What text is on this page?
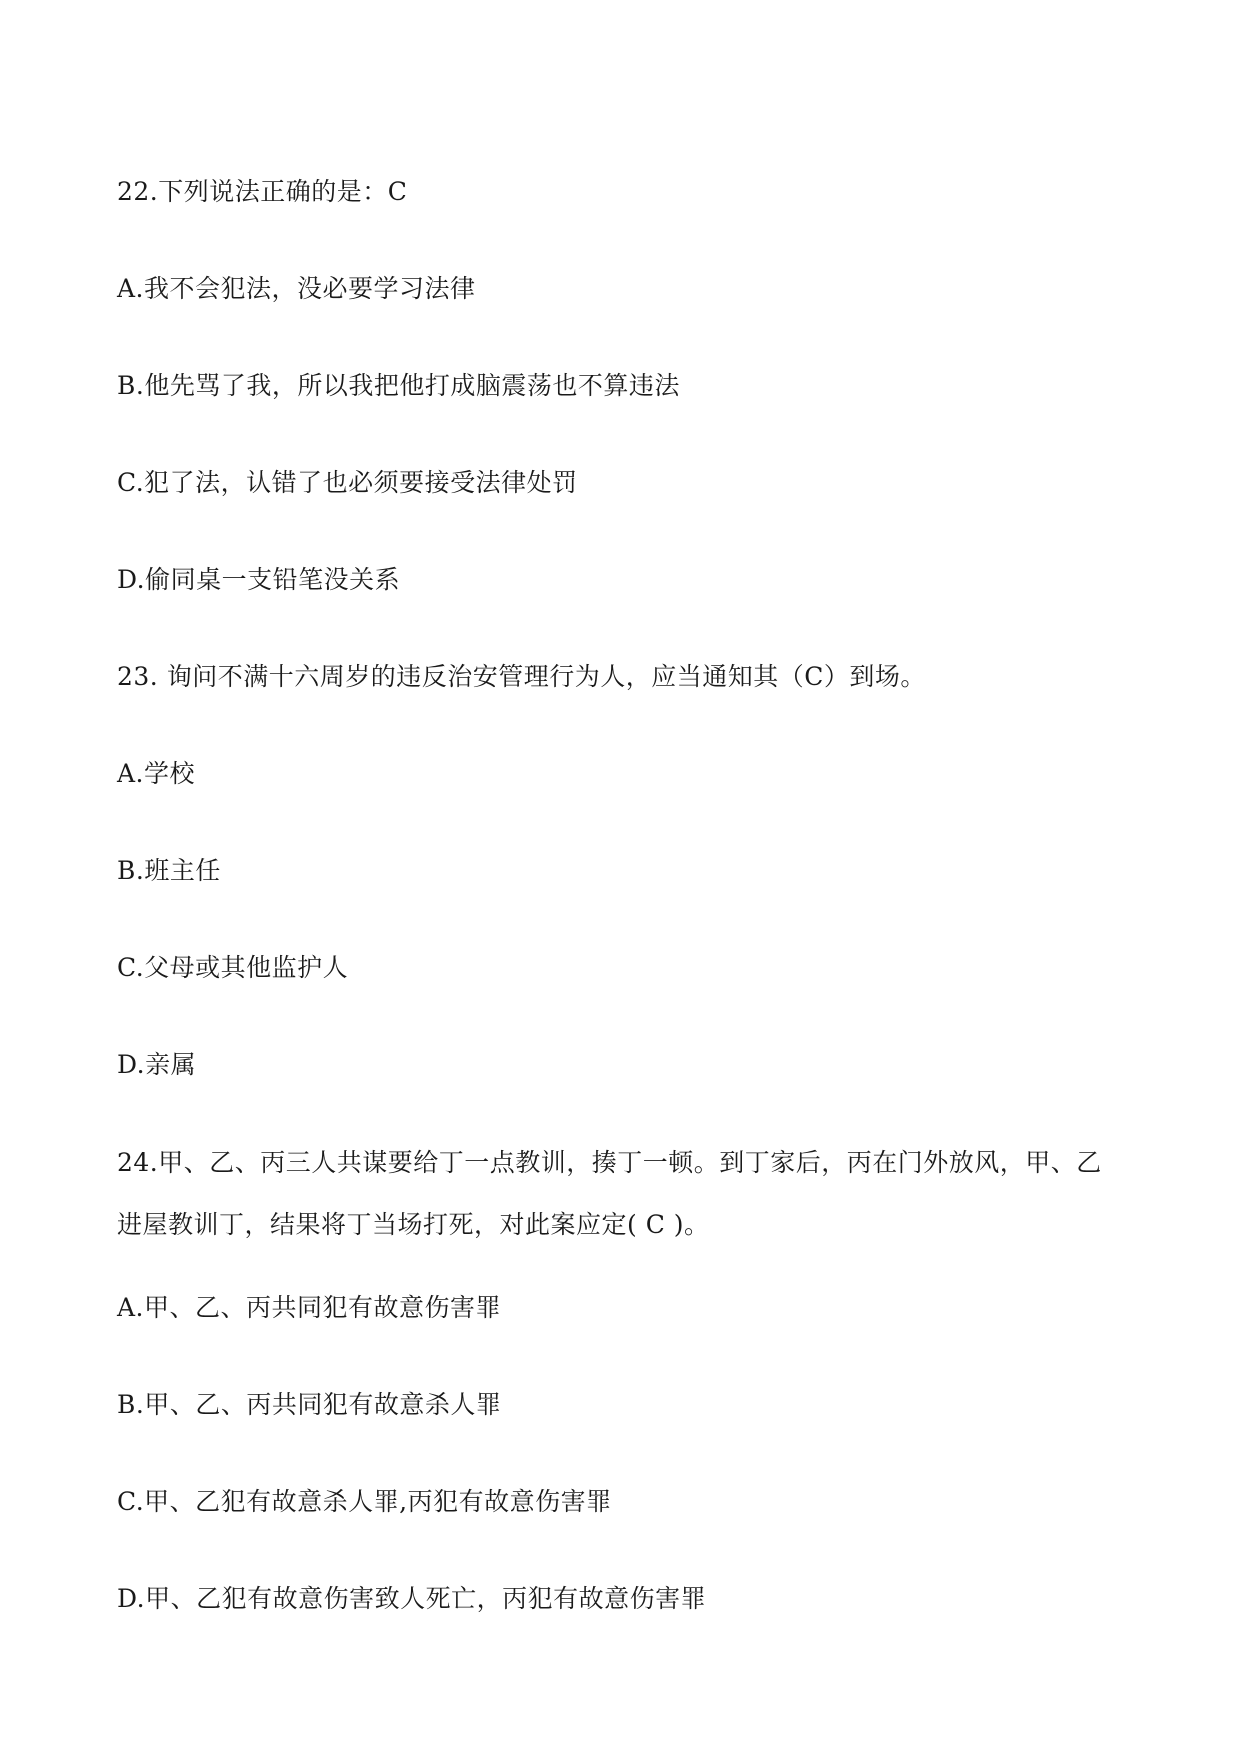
22.下列说法正确的是：C
A.我不会犯法，没必要学习法律
B.他先骂了我，所以我把他打成脑震荡也不算违法
C.犯了法，认错了也必须要接受法律处罚
D.偷同桌一支铅笔没关系
23. 询问不满十六周岁的违反治安管理行为人，应当通知其（C）到场。
A.学校
B.班主任
C.父母或其他监护人
D.亲属
24.甲、乙、丙三人共谋要给丁一点教训，揍丁一顿。到丁家后，丙在门外放风，甲、乙进屋教训丁，结果将丁当场打死，对此案应定( C )。
A.甲、乙、丙共同犯有故意伤害罪
B.甲、乙、丙共同犯有故意杀人罪
C.甲、乙犯有故意杀人罪,丙犯有故意伤害罪
D.甲、乙犯有故意伤害致人死亡，丙犯有故意伤害罪
